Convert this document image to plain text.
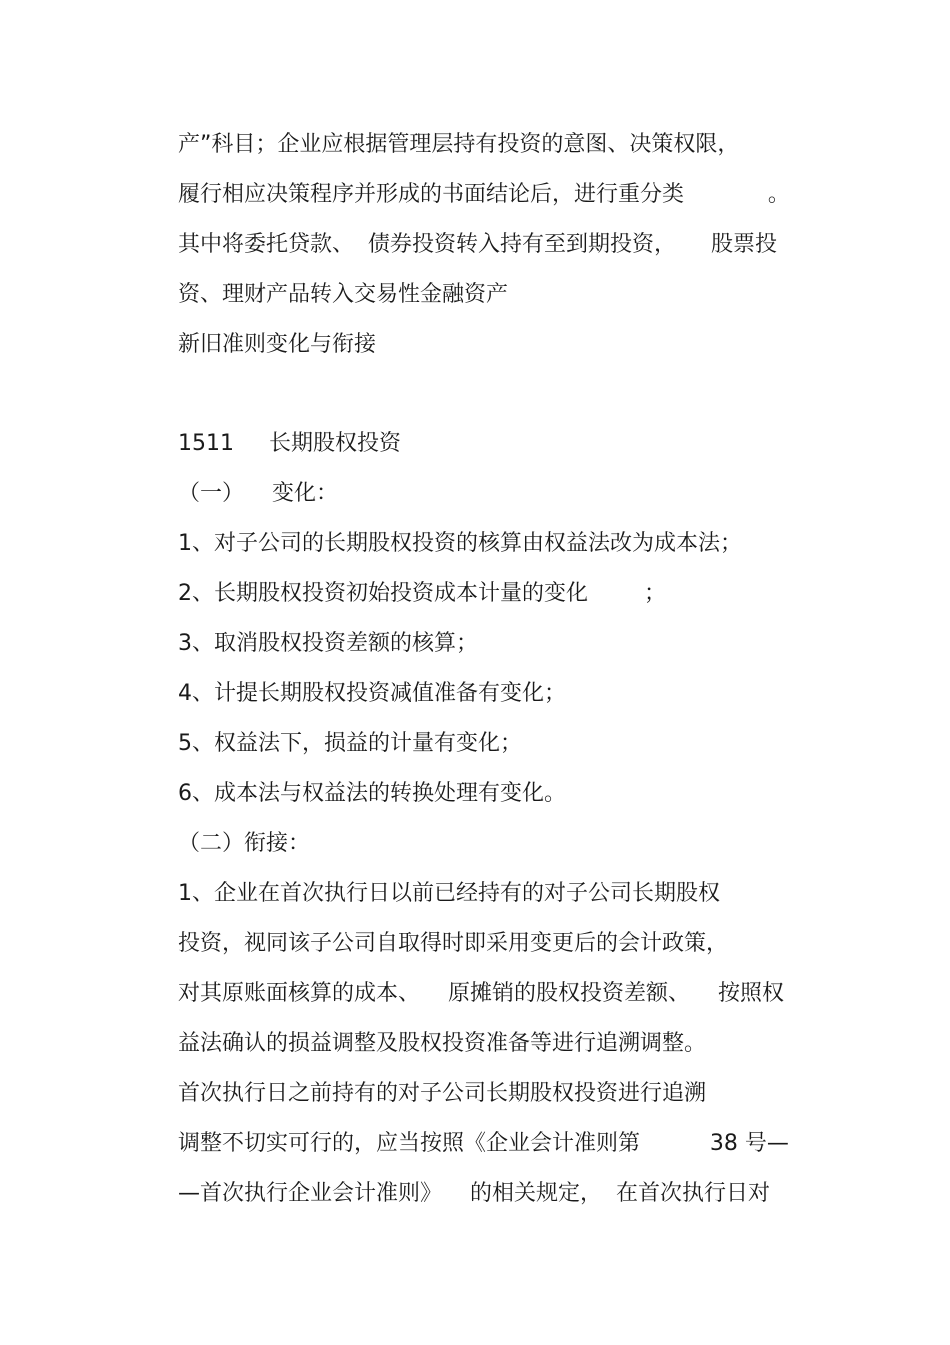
产”科目；企业应根据管理层持有投资的意图、决策权限，
履行相应决策程序并形成的书面结论后，进行重分类            。
其中将委托贷款、  债券投资转入持有至到期投资，     股票投
资、理财产品转入交易性金融资产
新旧准则变化与衔接
1511     长期股权投资
（一）    变化：
1、对子公司的长期股权投资的核算由权益法改为成本法；
2、长期股权投资初始投资成本计量的变化        ；
3、取消股权投资差额的核算；
4、计提长期股权投资减值准备有变化；
5、权益法下，损益的计量有变化；
6、成本法与权益法的转换处理有变化。
（二）衔接：
1、企业在首次执行日以前已经持有的对子公司长期股权
投资，视同该子公司自取得时即采用变更后的会计政策，
对其原账面核算的成本、    原摊销的股权投资差额、    按照权
益法确认的损益调整及股权投资准备等进行追溯调整。
首次执行日之前持有的对子公司长期股权投资进行追溯
调整不切实可行的，应当按照《企业会计准则第          38 号—
—首次执行企业会计准则》    的相关规定，  在首次执行日对
